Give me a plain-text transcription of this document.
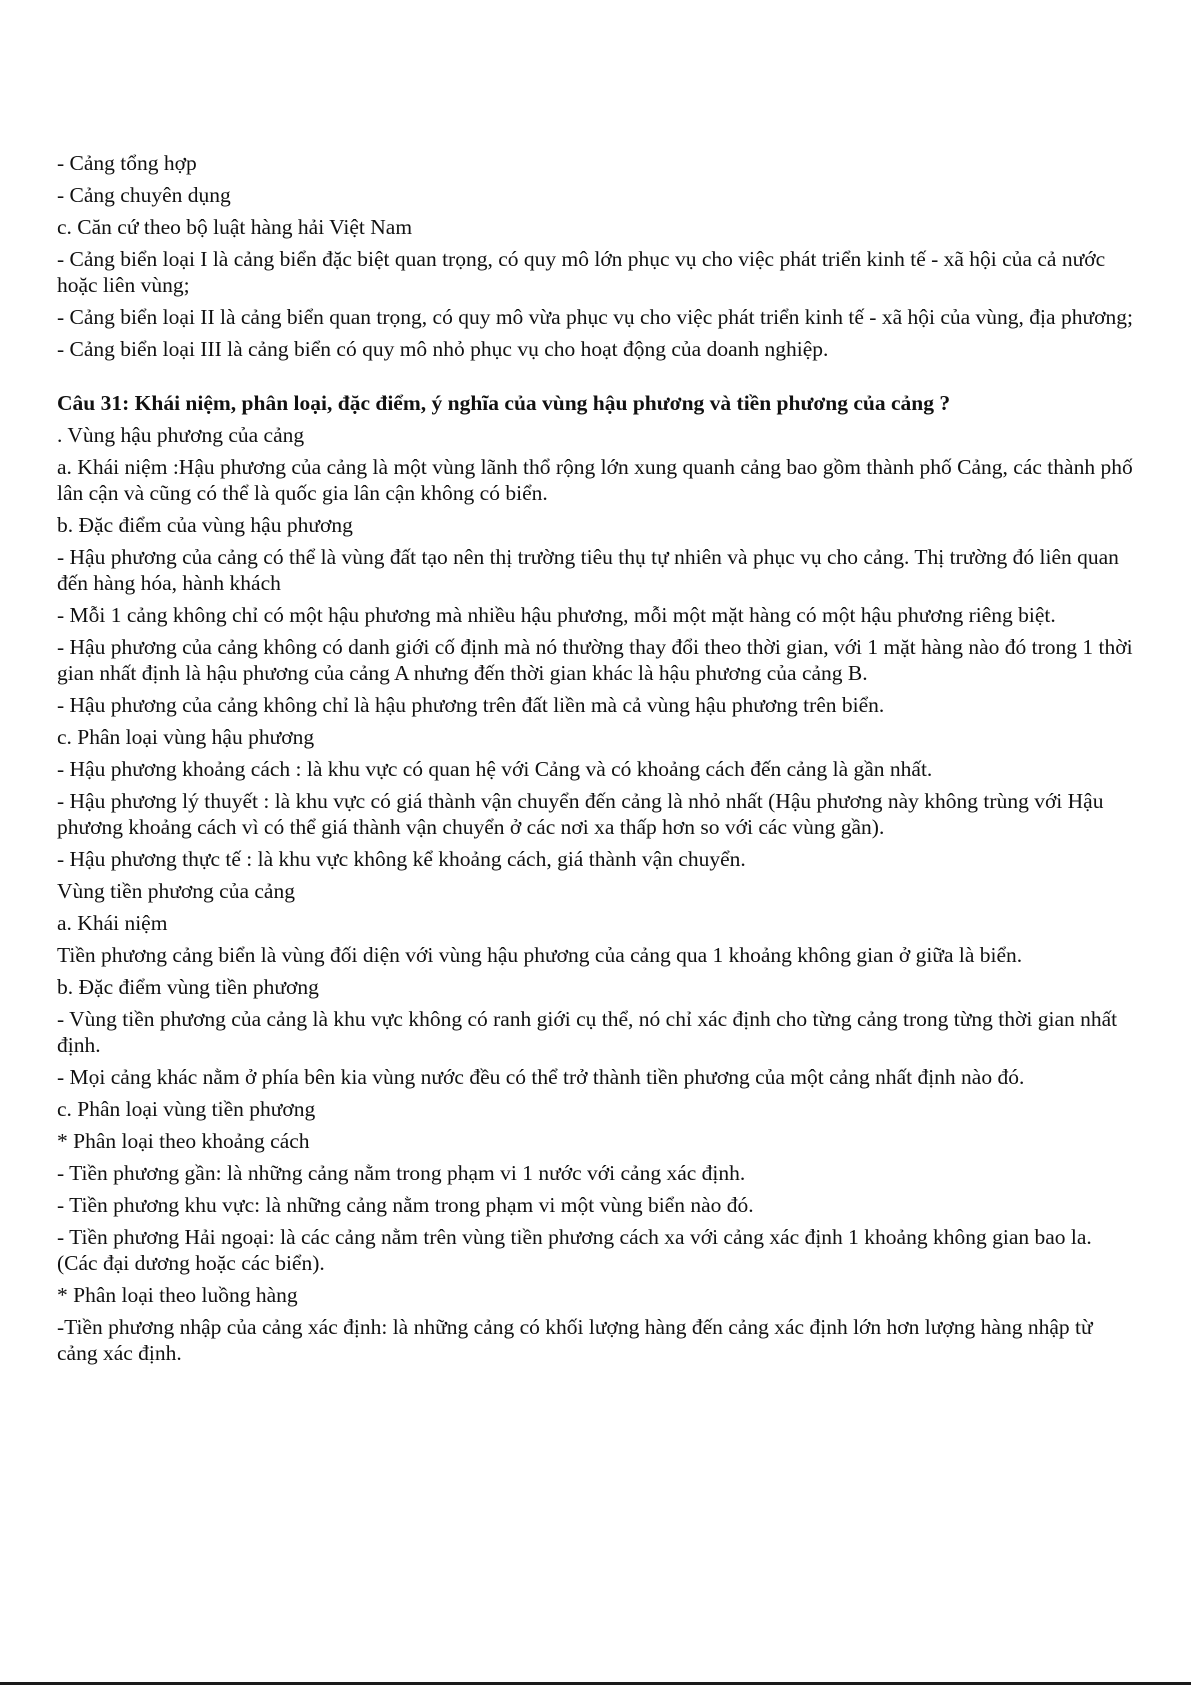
- Cảng tổng hợp

- Cảng chuyên dụng

c. Căn cứ theo bộ luật hàng hải Việt Nam

- Cảng biển loại I là cảng biển đặc biệt quan trọng, có quy mô lớn phục vụ cho việc phát triển kinh tế - xã hội của cả nước hoặc liên vùng;

- Cảng biển loại II là cảng biển quan trọng, có quy mô vừa phục vụ cho việc phát triển kinh tế - xã hội của vùng, địa phương;

- Cảng biển loại III là cảng biển có quy mô nhỏ phục vụ cho hoạt động của doanh nghiệp.

Câu 31: Khái niệm, phân loại, đặc điểm, ý nghĩa của vùng hậu phương và tiền phương của cảng ?

. Vùng hậu phương của cảng

a. Khái niệm :Hậu phương của cảng là một vùng lãnh thổ rộng lớn xung quanh cảng bao gồm thành phố Cảng, các thành phố lân cận và cũng có thể là quốc gia lân cận không có biển.

b. Đặc điểm của vùng hậu phương

- Hậu phương của cảng có thể là vùng đất tạo nên thị trường tiêu thụ tự nhiên và phục vụ cho cảng. Thị trường đó liên quan đến hàng hóa, hành khách

- Mỗi 1 cảng không chỉ có một hậu phương mà nhiều hậu phương, mỗi một mặt hàng có một hậu phương riêng biệt.

- Hậu phương của cảng không có danh giới cố định mà nó thường thay đổi theo thời gian, với 1 mặt hàng nào đó trong 1 thời gian nhất định là hậu phương của cảng A nhưng đến thời gian khác là hậu phương của cảng B.

- Hậu phương của cảng không chỉ là hậu phương trên đất liền mà cả vùng hậu phương trên biển.

c. Phân loại vùng hậu phương

- Hậu phương khoảng cách : là khu vực có quan hệ với Cảng và có khoảng cách đến cảng là gần nhất.

- Hậu phương lý thuyết : là khu vực có giá thành vận chuyển đến cảng là nhỏ nhất (Hậu phương này không trùng với Hậu phương khoảng cách vì có thể giá thành vận chuyển ở các nơi xa thấp hơn so với các vùng gần).

- Hậu phương thực tế : là khu vực không kể khoảng cách, giá thành vận chuyển.

Vùng tiền phương của cảng

a. Khái niệm

Tiền phương cảng biển là vùng đối diện với vùng hậu phương của cảng qua 1 khoảng không gian ở giữa là biển.

b. Đặc điểm vùng tiền phương

- Vùng tiền phương của cảng là khu vực không có ranh giới cụ thể, nó chỉ xác định cho từng cảng trong từng thời gian nhất định.

- Mọi cảng khác nằm ở phía bên kia vùng nước đều có thể trở thành tiền phương của một cảng nhất định nào đó.

c. Phân loại vùng tiền phương

* Phân loại theo khoảng cách

- Tiền phương gần: là những cảng nằm trong phạm vi 1 nước với cảng xác định.

- Tiền phương khu vực: là những cảng nằm trong phạm vi một vùng biển nào đó.

- Tiền phương Hải ngoại: là các cảng nằm trên vùng tiền phương cách xa với cảng xác định 1 khoảng không gian bao la. (Các đại dương hoặc các biển).

* Phân loại theo luồng hàng

-Tiền phương nhập của cảng xác định: là những cảng có khối lượng hàng đến cảng xác định lớn hơn lượng hàng nhập từ cảng xác định.
